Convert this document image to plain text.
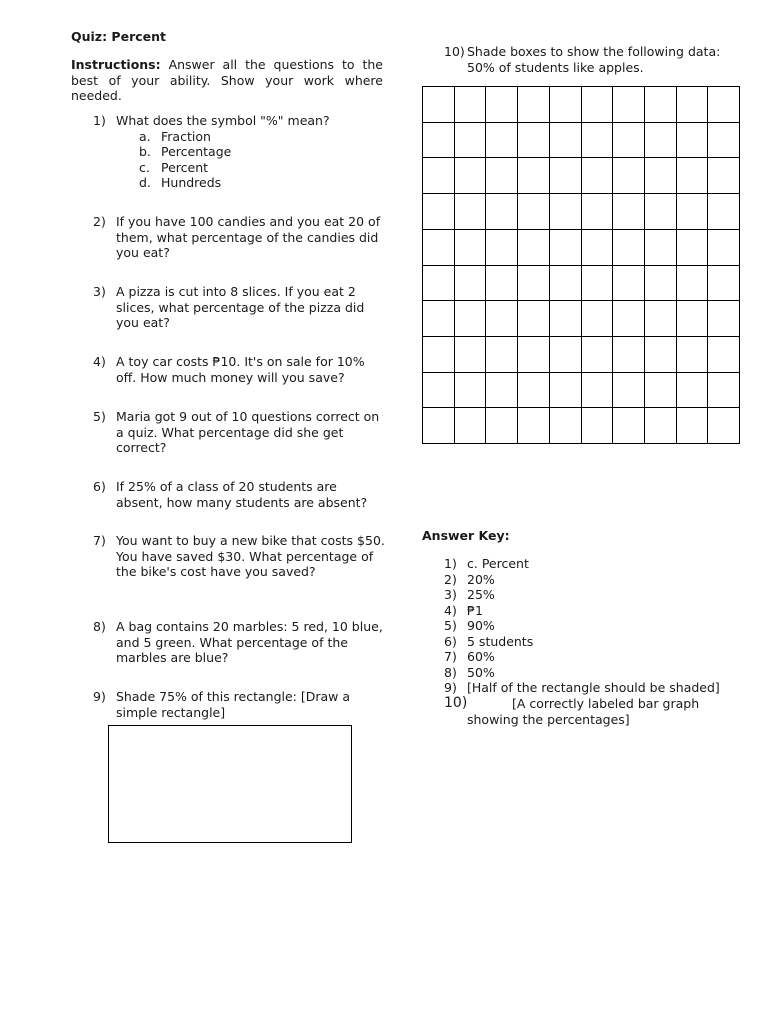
Quiz: Percent
Instructions: Answer all the questions to the best of your ability. Show your work where needed.
1) What does the symbol "%" mean?
a. Fraction
b. Percentage
c. Percent
d. Hundreds
2) If you have 100 candies and you eat 20 of them, what percentage of the candies did you eat?
3) A pizza is cut into 8 slices. If you eat 2 slices, what percentage of the pizza did you eat?
4) A toy car costs ₱10. It's on sale for 10% off. How much money will you save?
5) Maria got 9 out of 10 questions correct on a quiz. What percentage did she get correct?
6) If 25% of a class of 20 students are absent, how many students are absent?
7) You want to buy a new bike that costs $50. You have saved $30. What percentage of the bike's cost have you saved?
8) A bag contains 20 marbles: 5 red, 10 blue, and 5 green. What percentage of the marbles are blue?
9) Shade 75% of this rectangle: [Draw a simple rectangle]
10) Shade boxes to show the following data: 50% of students like apples.
Answer Key:
1) c. Percent
2) 20%
3) 25%
4) ₱1
5) 90%
6) 5 students
7) 60%
8) 50%
9) [Half of the rectangle should be shaded]
10)	[A correctly labeled bar graph showing the percentages]
